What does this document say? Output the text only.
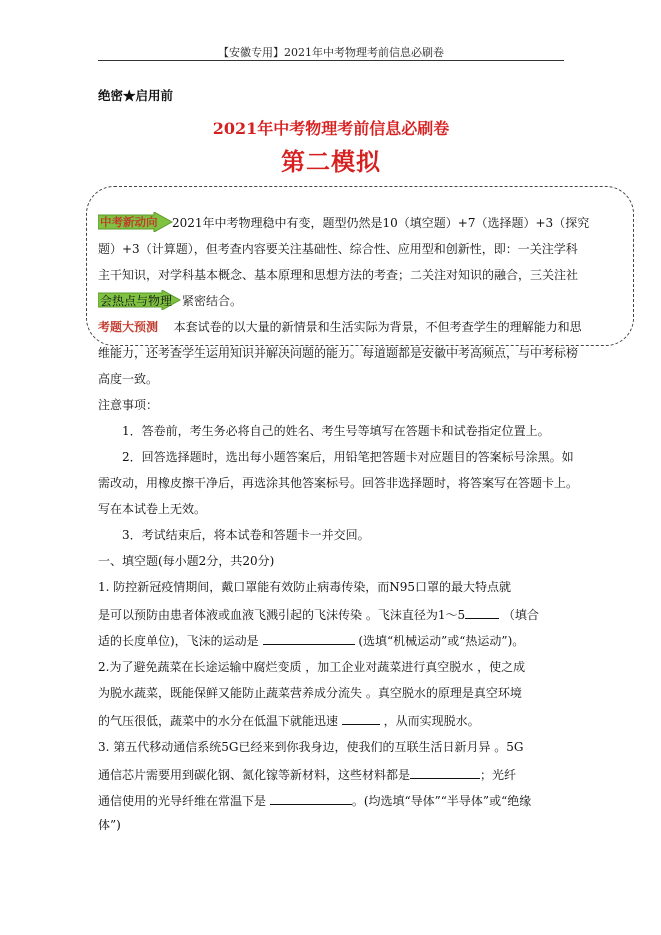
【安徽专用】2021年中考物理考前信息必刷卷
绝密★启用前
2021年中考物理考前信息必刷卷
第二模拟
中考新动向 2021年中考物理稳中有变，题型仍然是10（填空题）+7（选择题）+3（探究
题）+3（计算题），但考查内容要关注基础性、综合性、应用型和创新性，即：一关注学科
主干知识，对学科基本概念、基本原理和思想方法的考查；二关注对知识的融合，三关注社
会热点与物理 紧密结合。
考题大预测 本套试卷的以大量的新情景和生活实际为背景，不但考查学生的理解能力和思
维能力，还考查学生运用知识并解决问题的能力。每道题都是安徽中考高频点，与中考标榜
高度一致。
注意事项：
1．答卷前，考生务必将自己的姓名、考生号等填写在答题卡和试卷指定位置上。
2．回答选择题时，选出每小题答案后，用铅笔把答题卡对应题目的答案标号涂黑。如
需改动，用橡皮擦干净后，再选涂其他答案标号。回答非选择题时，将答案写在答题卡上。
写在本试卷上无效。
3．考试结束后，将本试卷和答题卡一并交回。
一、填空题(每小题2分，共20分)
1. 防控新冠疫情期间，戴口罩能有效防止病毒传染，而N95口罩的最大特点就
是可以预防由患者体液或血液飞溅引起的飞沫传染 。飞沫直径为1～5	（填合
适的长度单位)，飞沫的运动是	(选填“机械运动”或“热运动”)。
2.为了避免蔬菜在长途运输中腐烂变质 ，加工企业对蔬菜进行真空脱水 ，使之成
为脱水蔬菜，既能保鲜又能防止蔬菜营养成分流失 。真空脱水的原理是真空环境
的气压很低，蔬菜中的水分在低温下就能迅速	，从而实现脱水。
3. 第五代移动通信系统5G已经来到你我身边，使我们的互联生活日新月异 。5G
通信芯片需要用到碳化钢、氮化镓等新材料，这些材料都是	；光纤
通信使用的光导纤维在常温下是	。(均选填“导体”“半导体”或“绝缘
体”)
